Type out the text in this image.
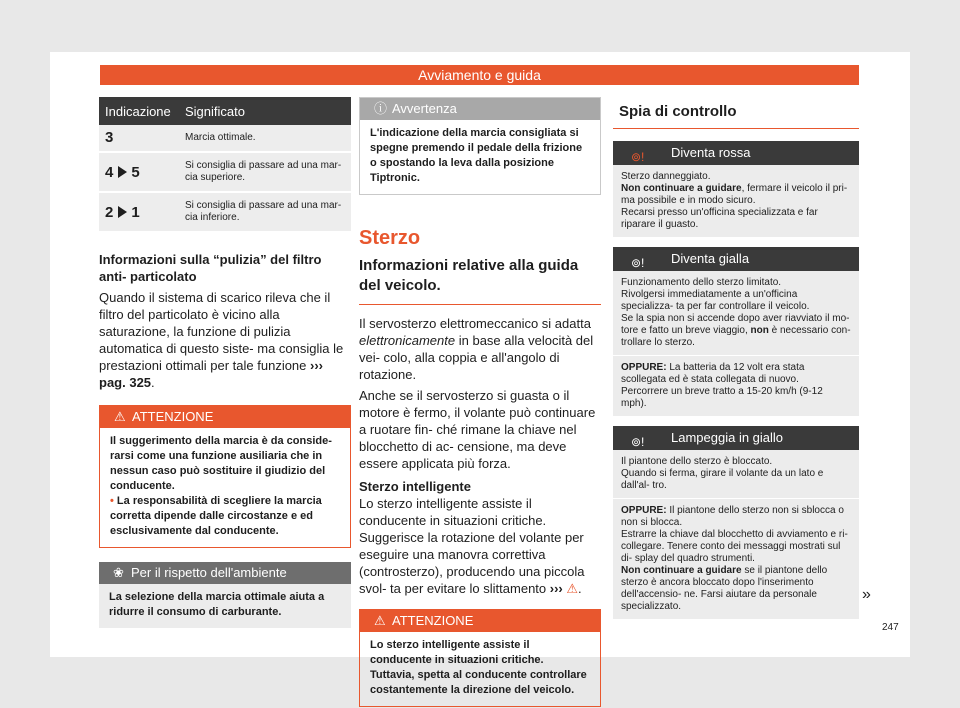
Avviamento e guida
Indicazione	Significato
3	Marcia ottimale.
4 5	Si consiglia di passare ad una mar- cia superiore.
2 1	Si consiglia di passare ad una mar- cia inferiore.
Informazioni sulla “pulizia” del filtro anti- particolato

Quando il sistema di scarico rileva che il filtro del particolato è vicino alla saturazione, la funzione di pulizia automatica di questo siste- ma consiglia le prestazioni ottimali per tale funzione ››› pag. 325.

⚠ ATTENZIONE
Il suggerimento della marcia è da conside- rarsi come una funzione ausiliaria che in nessun caso può sostituire il giudizio del conducente.
• La responsabilità di scegliere la marcia corretta dipende dalle circostanze e ed esclusivamente dal conducente.
❀ Per il rispetto dell'ambiente
La selezione della marcia ottimale aiuta a ridurre il consumo di carburante.
ⓘ Avvertenza
L'indicazione della marcia consigliata si spegne premendo il pedale della frizione o spostando la leva dalla posizione Tiptronic.
Sterzo
Informazioni relative alla guida del veicolo.

Il servosterzo elettromeccanico si adatta elettronicamente in base alla velocità del vei- colo, alla coppia e all'angolo di rotazione.

Anche se il servosterzo si guasta o il motore è fermo, il volante può continuare a ruotare fin- ché rimane la chiave nel blocchetto di ac- censione, ma deve essere applicata più forza.

Sterzo intelligente

Lo sterzo intelligente assiste il conducente in situazioni critiche. Suggerisce la rotazione del volante per eseguire una manovra correttiva (controsterzo), producendo una piccola svol- ta per evitare lo slittamento ››› ⚠.

⚠ ATTENZIONE
Lo sterzo intelligente assiste il conducente in situazioni critiche. Tuttavia, spetta al conducente controllare costantemente la direzione del veicolo.
Spia di controllo
⊚! Diventa rossa
Sterzo danneggiato.
Non continuare a guidare, fermare il veicolo il pri- ma possibile e in modo sicuro.
Recarsi presso un'officina specializzata e far riparare il guasto.
⊚! Diventa gialla
Funzionamento dello sterzo limitato.
Rivolgersi immediatamente a un'officina specializza- ta per far controllare il veicolo.
Se la spia non si accende dopo aver riavviato il mo- tore e fatto un breve viaggio, non è necessario con- trollare lo sterzo.
OPPURE: La batteria da 12 volt era stata scollegata ed è stata collegata di nuovo.
Percorrere un breve tratto a 15-20 km/h (9-12 mph).
⊚! Lampeggia in giallo
Il piantone dello sterzo è bloccato.
Quando si ferma, girare il volante da un lato e dall'al- tro.
OPPURE: Il piantone dello sterzo non si sblocca o non si blocca.
Estrarre la chiave dal blocchetto di avviamento e ri- collegare. Tenere conto dei messaggi mostrati sul di- splay del quadro strumenti.
Non continuare a guidare se il piantone dello sterzo è ancora bloccato dopo l'inserimento dell'accensio- ne. Farsi aiutare da personale specializzato.
»
247
